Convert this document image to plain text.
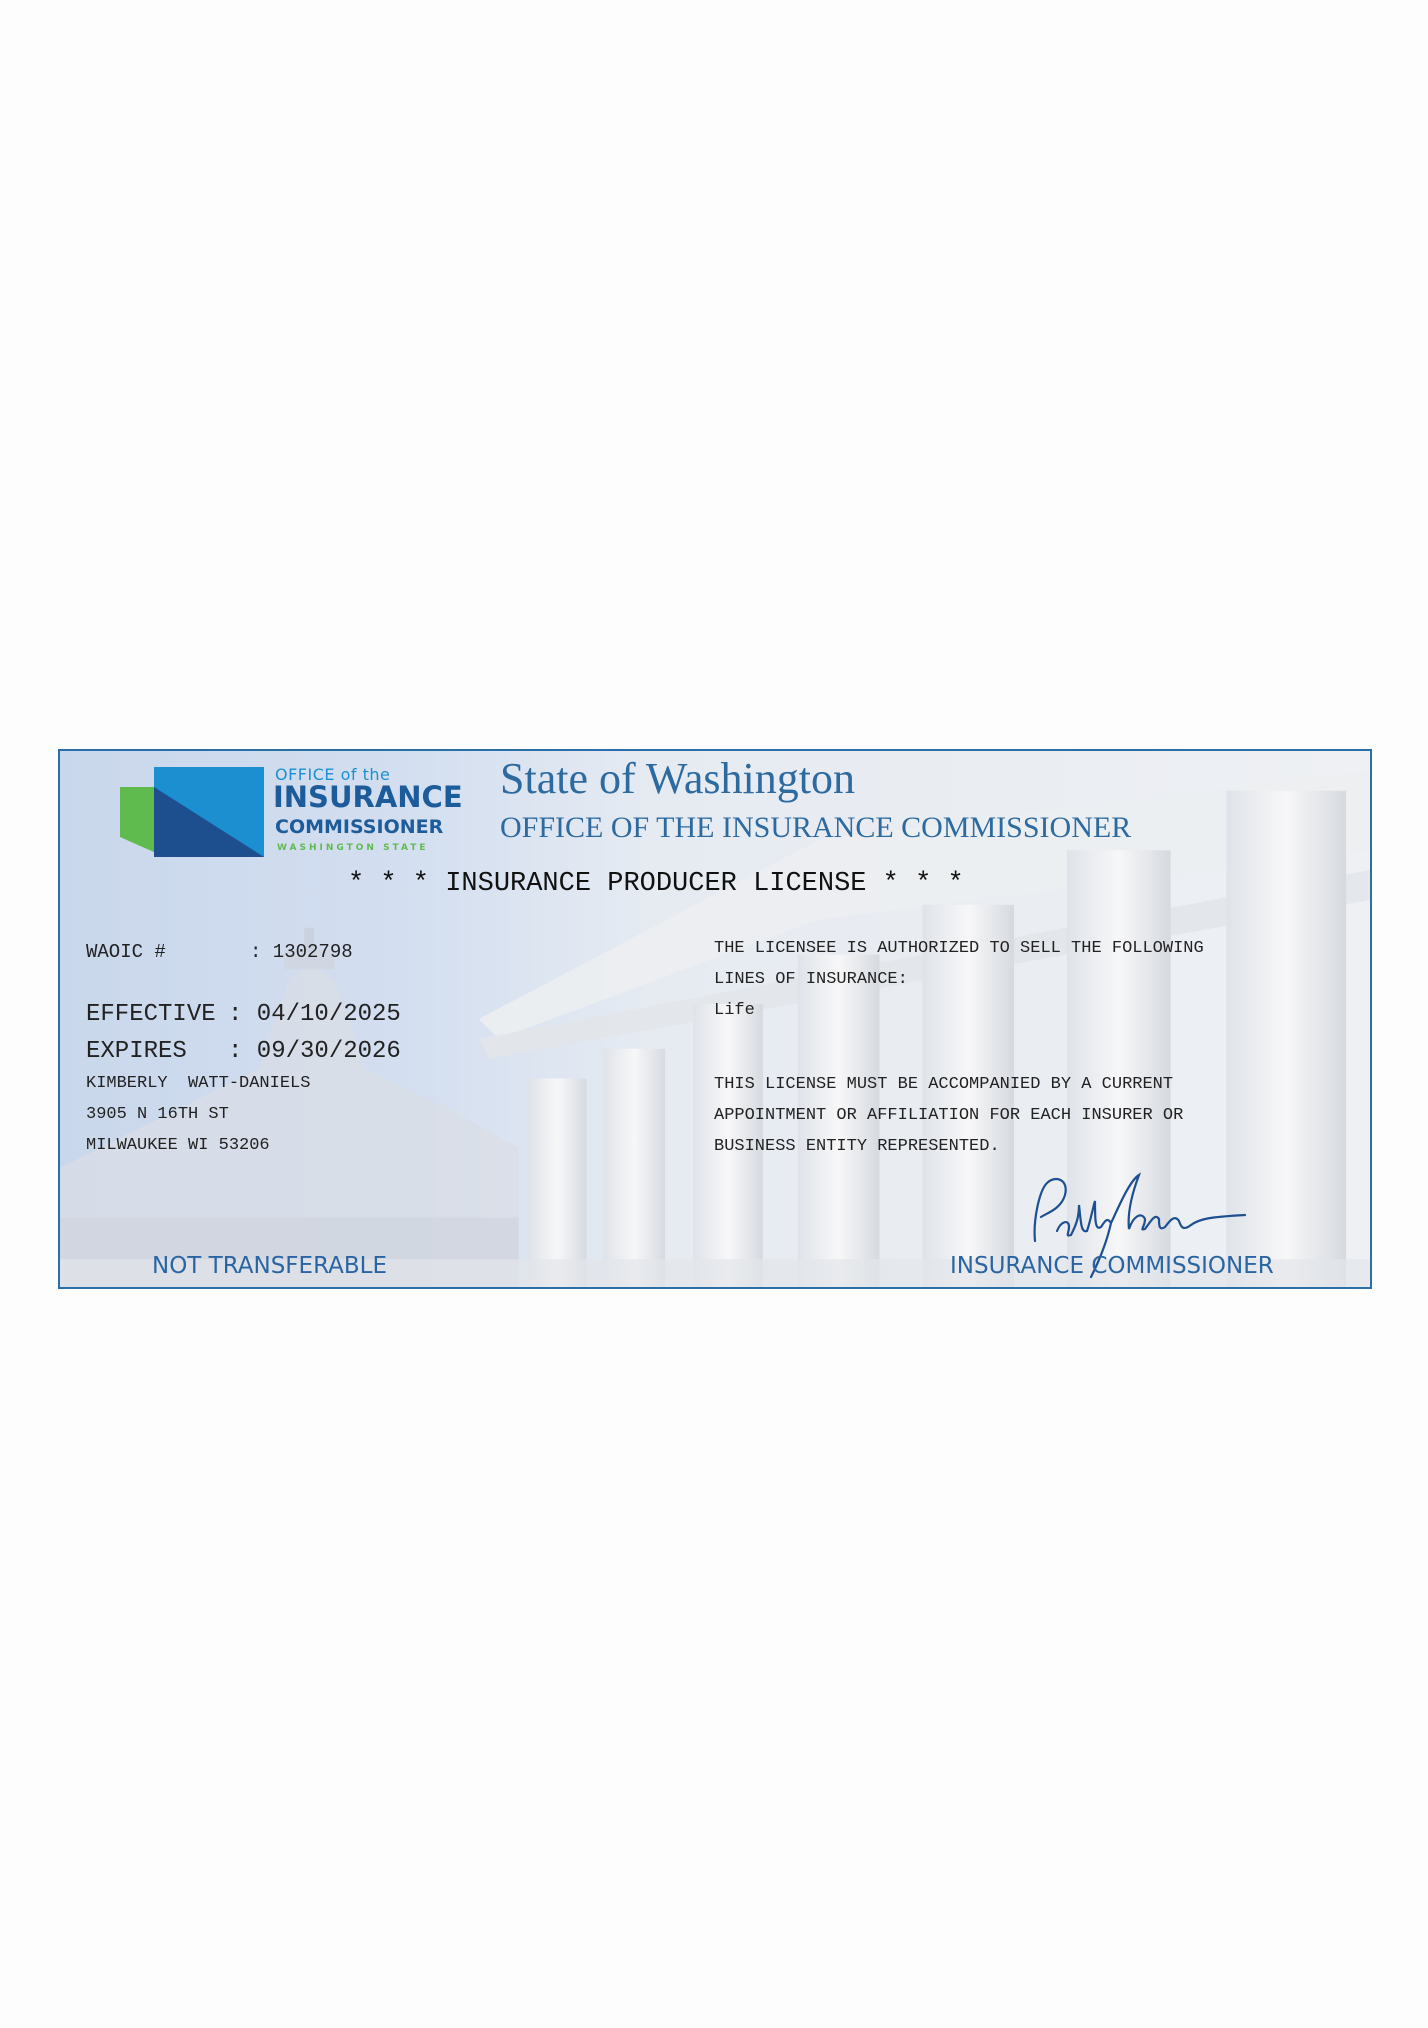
OFFICE of the
INSURANCE
COMMISSIONER
WASHINGTON STATE
State of Washington
OFFICE OF THE INSURANCE COMMISSIONER
* * * INSURANCE PRODUCER LICENSE * * *
WAOIC #	: 1302798
EFFECTIVE : 04/10/2025
EXPIRES : 09/30/2026
KIMBERLY  WATT-DANIELS
3905 N 16TH ST
MILWAUKEE WI 53206
THE LICENSEE IS AUTHORIZED TO SELL THE FOLLOWING
LINES OF INSURANCE:
Life
THIS LICENSE MUST BE ACCOMPANIED BY A CURRENT
APPOINTMENT OR AFFILIATION FOR EACH INSURER OR
BUSINESS ENTITY REPRESENTED.
NOT TRANSFERABLE	INSURANCE COMMISSIONER
